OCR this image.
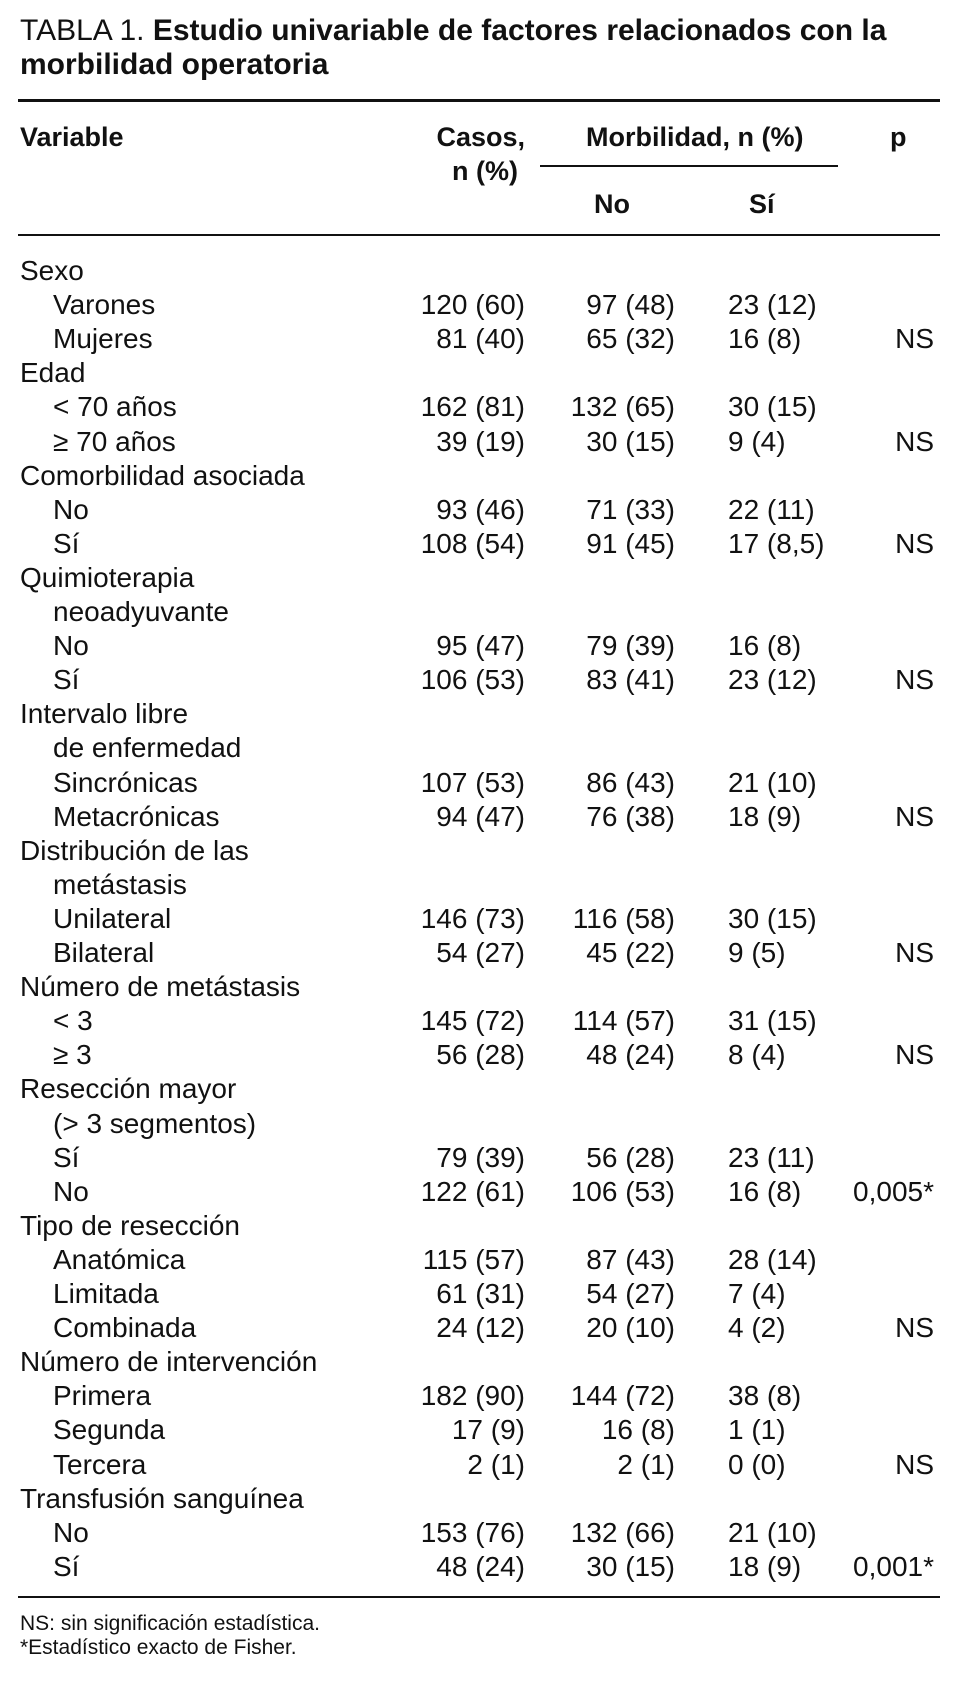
TABLA 1. Estudio univariable de factores relacionados con la morbilidad operatoria
Variable	Casos,
n (%)
Morbilidad, n (%)	p
No	Sí
Sexo
Varones	120 (60) 97 (48) 23 (12)
Mujeres	81 (40) 65 (32) 16 (8)	NS
Edad
< 70 años	162 (81) 132 (65) 30 (15)
≥ 70 años	39 (19) 30 (15) 9 (4)	NS
Comorbilidad asociada
No	93 (46) 71 (33) 22 (11)
Sí	108 (54) 91 (45) 17 (8,5)	NS
Quimioterapia
neoadyuvante
No	95 (47) 79 (39) 16 (8)
Sí	106 (53) 83 (41) 23 (12)	NS
Intervalo libre
de enfermedad
Sincrónicas	107 (53) 86 (43) 21 (10)
Metacrónicas	94 (47) 76 (38) 18 (9)	NS
Distribución de las
metástasis
Unilateral	146 (73) 116 (58) 30 (15)
Bilateral	54 (27) 45 (22) 9 (5)	NS
Número de metástasis
< 3	145 (72) 114 (57) 31 (15)
≥ 3	56 (28) 48 (24) 8 (4)	NS
Resección mayor
(> 3 segmentos)
Sí	79 (39) 56 (28) 23 (11)
No	122 (61) 106 (53) 16 (8) 0,005*
Tipo de resección
Anatómica	115 (57) 87 (43) 28 (14)
Limitada	61 (31) 54 (27) 7 (4)
Combinada	24 (12) 20 (10) 4 (2)	NS
Número de intervención
Primera	182 (90) 144 (72) 38 (8)
Segunda	17 (9)	16 (8) 1 (1)
Tercera	2 (1)	2 (1) 0 (0)	NS
Transfusión sanguínea
No	153 (76) 132 (66) 21 (10)
Sí	48 (24) 30 (15) 18 (9) 0,001*
NS: sin significación estadística.
*Estadístico exacto de Fisher.
